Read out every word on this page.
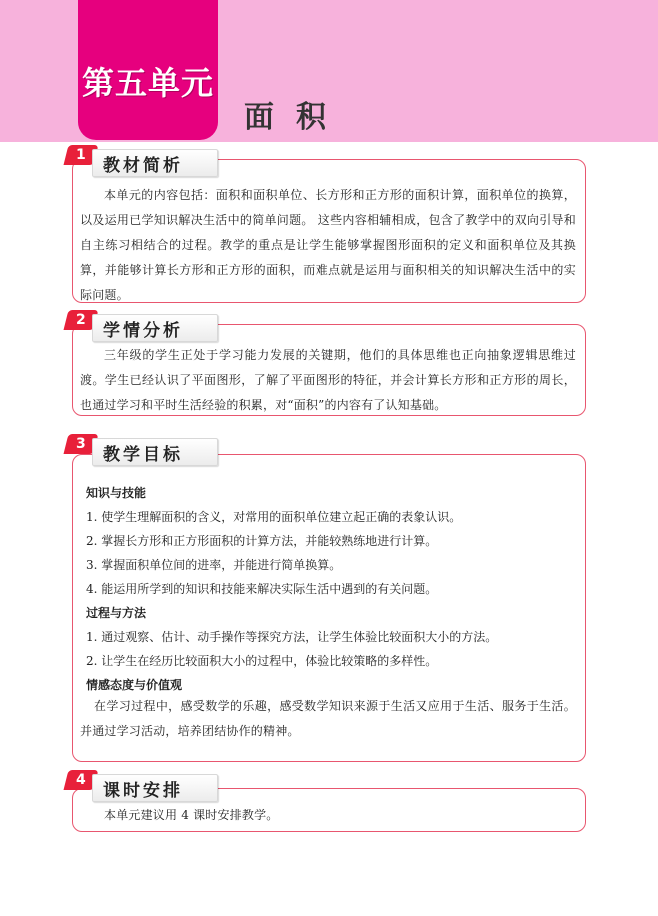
第五单元
面积
1
教材简析

本单元的内容包括：面积和面积单位、长方形和正方形的面积计算，面积单位的换算，以及运用已学知识解决生活中的简单问题。 这些内容相辅相成，包含了教学中的双向引导和自主练习相结合的过程。教学的重点是让学生能够掌握图形面积的定义和面积单位及其换算，并能够计算长方形和正方形的面积，而难点就是运用与面积相关的知识解决生活中的实际问题。

2
学情分析

三年级的学生正处于学习能力发展的关键期，他们的具体思维也正向抽象逻辑思维过渡。学生已经认识了平面图形，了解了平面图形的特征，并会计算长方形和正方形的周长，也通过学习和平时生活经验的积累，对“面积”的内容有了认知基础。

3
教学目标
知识与技能
1. 使学生理解面积的含义，对常用的面积单位建立起正确的表象认识。
2. 掌握长方形和正方形面积的计算方法，并能较熟练地进行计算。
3. 掌握面积单位间的进率，并能进行简单换算。
4. 能运用所学到的知识和技能来解决实际生活中遇到的有关问题。
过程与方法
1. 通过观察、估计、动手操作等探究方法，让学生体验比较面积大小的方法。
2. 让学生在经历比较面积大小的过程中，体验比较策略的多样性。
情感态度与价值观

在学习过程中，感受数学的乐趣，感受数学知识来源于生活又应用于生活、服务于生活。并通过学习活动，培养团结协作的精神。

4
课时安排

本单元建议用 4 课时安排教学。
